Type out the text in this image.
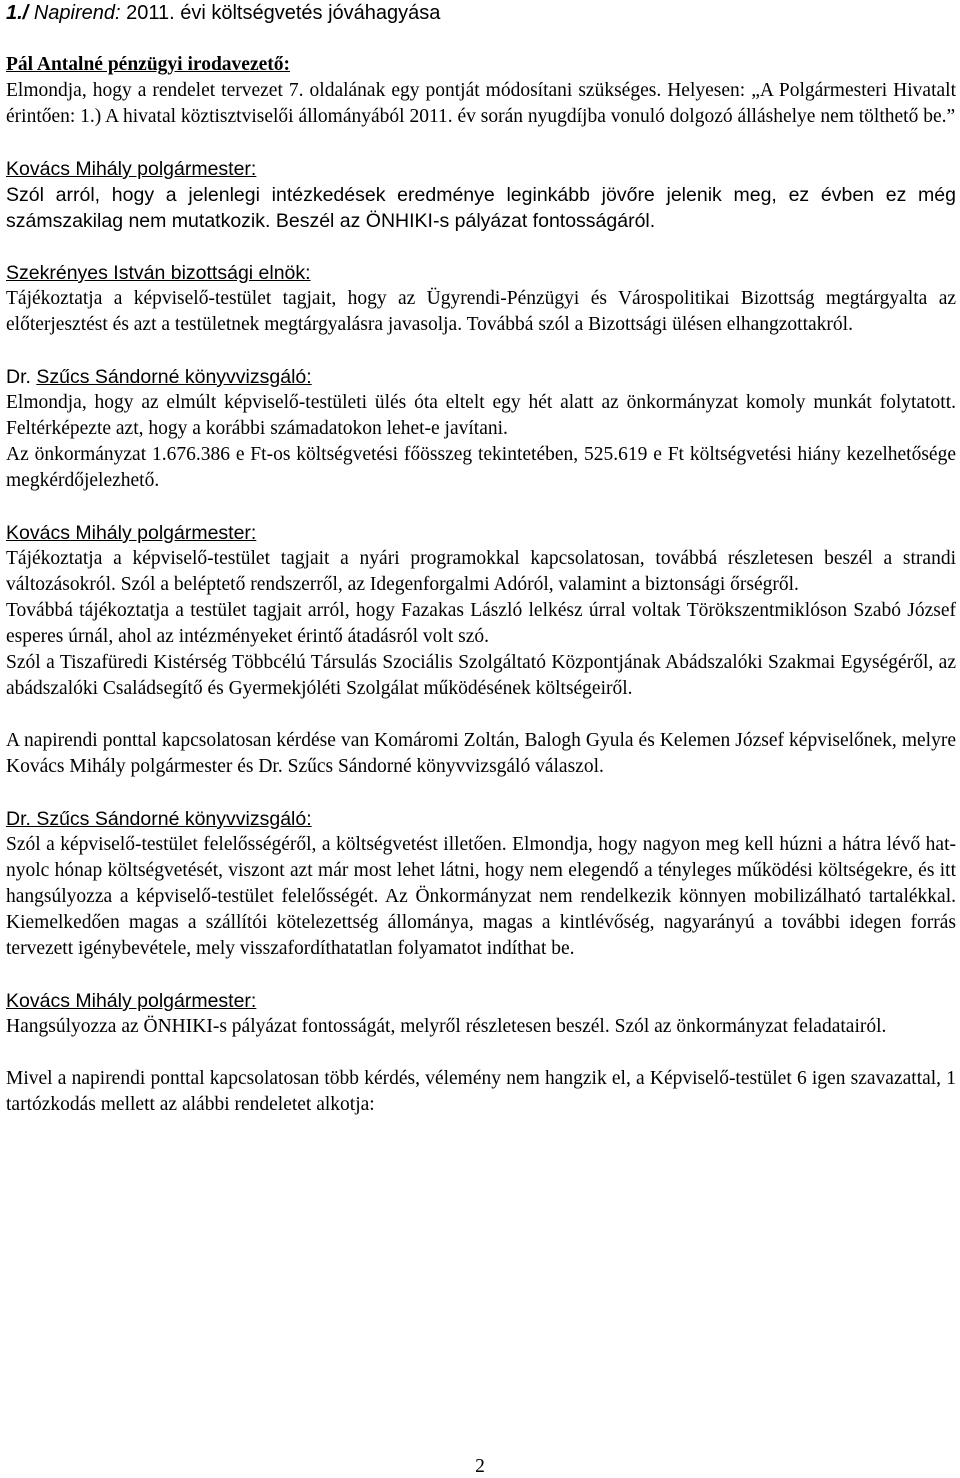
1./ Napirend: 2011. évi költségvetés jóváhagyása

Pál Antalné pénzügyi irodavezető:

Elmondja, hogy a rendelet tervezet 7. oldalának egy pontját módosítani szükséges. Helyesen: „A Polgármesteri Hivatalt érintően: 1.) A hivatal köztisztviselői állományából 2011. év során nyugdíjba vonuló dolgozó álláshelye nem tölthető be.”

Kovács Mihály polgármester:

Szól arról, hogy a jelenlegi intézkedések eredménye leginkább jövőre jelenik meg, ez évben ez még számszakilag nem mutatkozik. Beszél az ÖNHIKI-s pályázat fontosságáról.

Szekrényes István bizottsági elnök:

Tájékoztatja a képviselő-testület tagjait, hogy az Ügyrendi-Pénzügyi és Várospolitikai Bizottság megtárgyalta az előterjesztést és azt a testületnek megtárgyalásra javasolja. Továbbá szól a Bizottsági ülésen elhangzottakról.

Dr. Szűcs Sándorné könyvvizsgáló:

Elmondja, hogy az elmúlt képviselő-testületi ülés óta eltelt egy hét alatt az önkormányzat komoly munkát folytatott. Feltérképezte azt, hogy a korábbi számadatokon lehet-e javítani.

Az önkormányzat 1.676.386 e Ft-os költségvetési főösszeg tekintetében, 525.619 e Ft költségvetési hiány kezelhetősége megkérdőjelezhető.

Kovács Mihály polgármester:

Tájékoztatja a képviselő-testület tagjait a nyári programokkal kapcsolatosan, továbbá részletesen beszél a strandi változásokról. Szól a beléptető rendszerről, az Idegenforgalmi Adóról, valamint a biztonsági őrségről.

Továbbá tájékoztatja a testület tagjait arról, hogy Fazakas László lelkész úrral voltak Törökszentmiklóson Szabó József esperes úrnál, ahol az intézményeket érintő átadásról volt szó.

Szól a Tiszafüredi Kistérség Többcélú Társulás Szociális Szolgáltató Központjának Abádszalóki Szakmai Egységéről, az abádszalóki Családsegítő és Gyermekjóléti Szolgálat működésének költségeiről.

A napirendi ponttal kapcsolatosan kérdése van Komáromi Zoltán, Balogh Gyula és Kelemen József képviselőnek, melyre Kovács Mihály polgármester és Dr. Szűcs Sándorné könyvvizsgáló válaszol.

Dr. Szűcs Sándorné könyvvizsgáló:

Szól a képviselő-testület felelősségéről, a költségvetést illetően. Elmondja, hogy nagyon meg kell húzni a hátra lévő hat-nyolc hónap költségvetését, viszont azt már most lehet látni, hogy nem elegendő a tényleges működési költségekre, és itt hangsúlyozza a képviselő-testület felelősségét. Az Önkormányzat nem rendelkezik könnyen mobilizálható tartalékkal. Kiemelkedően magas a szállítói kötelezettség állománya, magas a kintlévőség, nagyarányú a további idegen forrás tervezett igénybevétele, mely visszafordíthatatlan folyamatot indíthat be.

Kovács Mihály polgármester:

Hangsúlyozza az ÖNHIKI-s pályázat fontosságát, melyről részletesen beszél. Szól az önkormányzat feladatairól.

Mivel a napirendi ponttal kapcsolatosan több kérdés, vélemény nem hangzik el, a Képviselő-testület 6 igen szavazattal, 1 tartózkodás mellett az alábbi rendeletet alkotja:

2
